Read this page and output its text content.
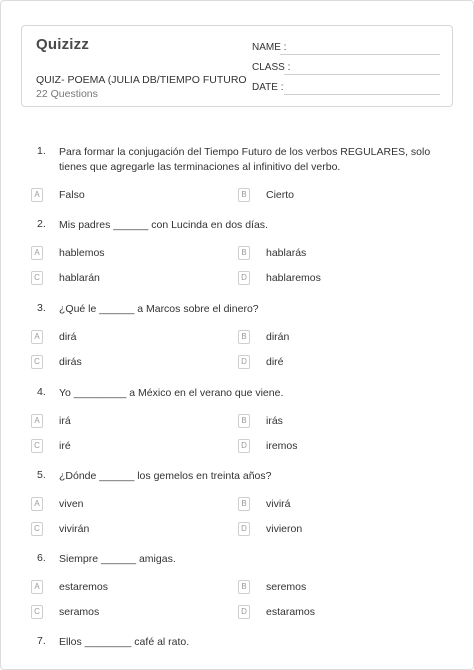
Quizizz
QUIZ- POEMA (JULIA DB/TIEMPO FUTURO
22 Questions
NAME :
CLASS :
DATE :
1. Para formar la conjugación del Tiempo Futuro de los verbos REGULARES, solo tienes que agregarle las terminaciones al infinitivo del verbo.
A	Falso	B	Cierto
2. Mis padres ______ con Lucinda en dos días.
A	hablemos	B	hablarás
C hablarán	D hablaremos
3. ¿Qué le ______ a Marcos sobre el dinero?
A	dirá	B	dirán
C dirás	D diré
4. Yo _________ a México en el verano que viene.
A	irá	B	irás
C iré	D iremos
5. ¿Dónde ______ los gemelos en treinta años?
A	viven	B	vivirá
C vivirán	D vivieron
6. Siempre ______ amigas.
A	estaremos	B	seremos
C seramos	D estaramos
7. Ellos ________ café al rato.
